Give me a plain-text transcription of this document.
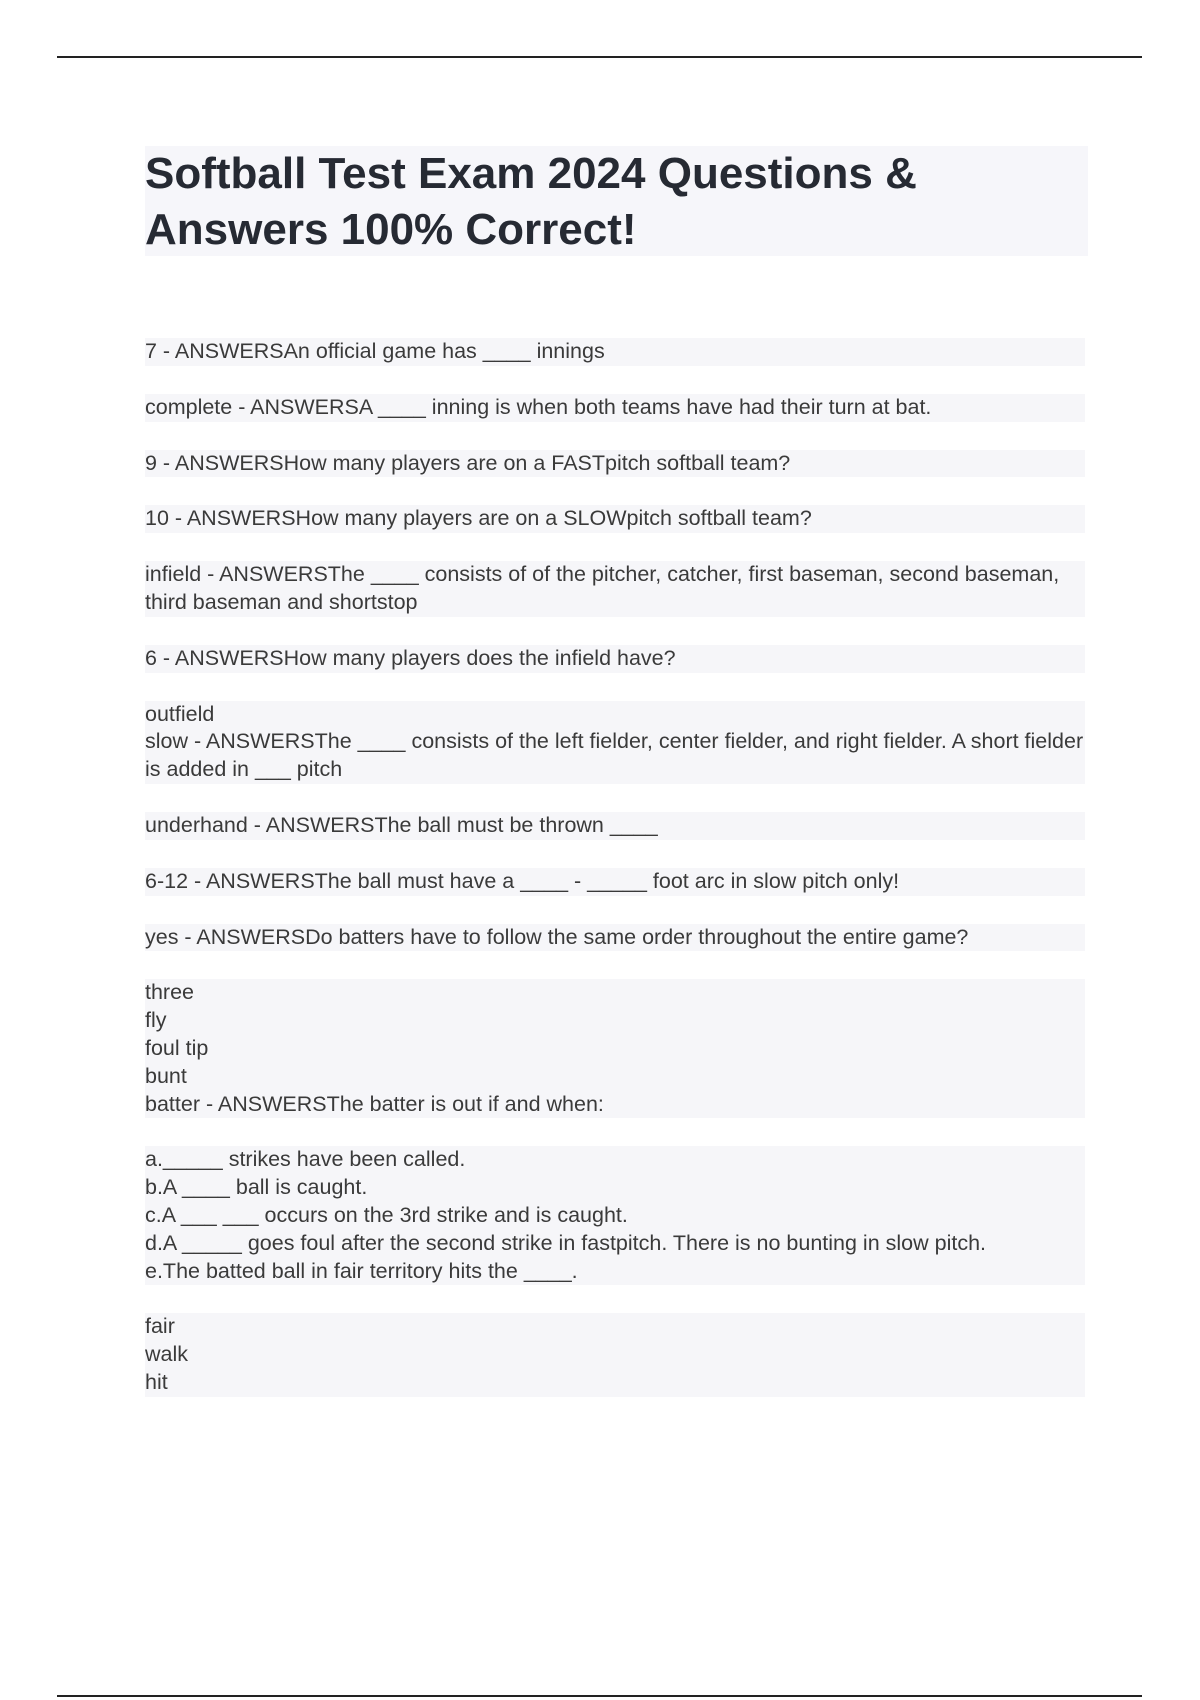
Softball Test Exam 2024 Questions & Answers 100% Correct!
7 - ANSWERSAn official game has ____ innings
complete - ANSWERSA ____ inning is when both teams have had their turn at bat.
9 - ANSWERSHow many players are on a FASTpitch softball team?
10 - ANSWERSHow many players are on a SLOWpitch softball team?
infield - ANSWERSThe ____ consists of of the pitcher, catcher, first baseman, second baseman, third baseman and shortstop
6 - ANSWERSHow many players does the infield have?
outfield
slow - ANSWERSThe ____ consists of the left fielder, center fielder, and right fielder. A short fielder is added in ___ pitch
underhand - ANSWERSThe ball must be thrown ____
6-12 - ANSWERSThe ball must have a ____ - _____ foot arc in slow pitch only!
yes - ANSWERSDo batters have to follow the same order throughout the entire game?
three
fly
foul tip
bunt
batter - ANSWERSThe batter is out if and when:
a._____ strikes have been called.
b.A ____ ball is caught.
c.A ___ ___ occurs on the 3rd strike and is caught.
d.A _____ goes foul after the second strike in fastpitch. There is no bunting in slow pitch.
e.The batted ball in fair territory hits the ____.
fair
walk
hit
